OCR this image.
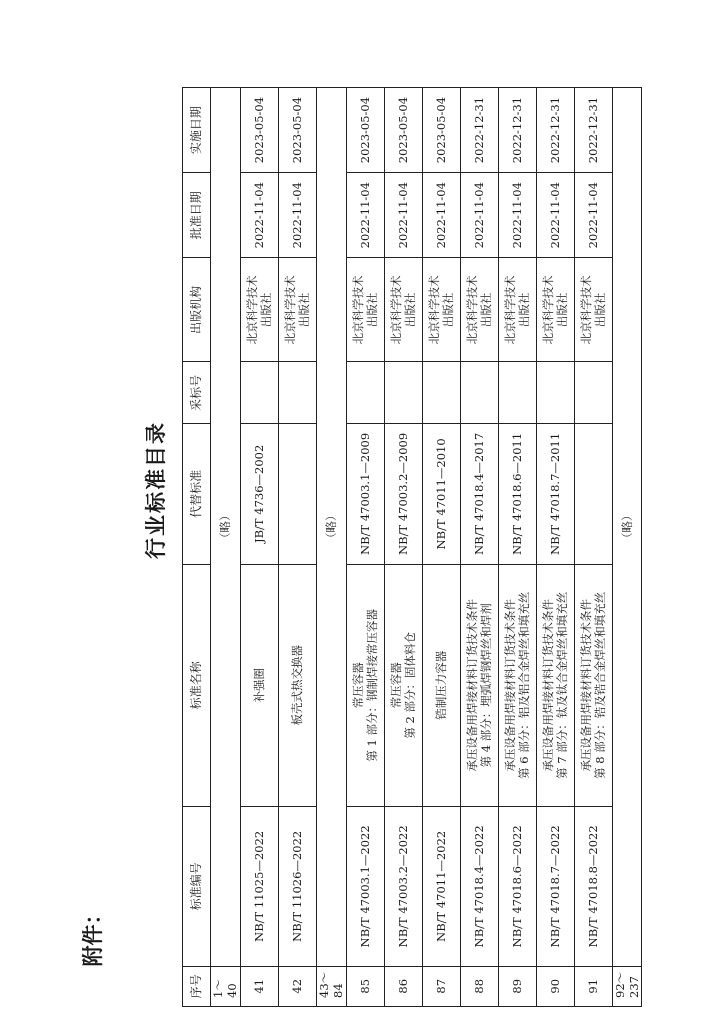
附件：
行业标准目录
序号	标准编号	标准名称	代替标准	采标号	出版机构	批准日期	实施日期
1～40	（略）						
41	NB/T 11025—2022	补强圈	JB/T 4736—2002		北京科学技术 出版社	2022-11-04	2023-05-04
42	NB/T 11026—2022	板壳式热交换器			北京科学技术 出版社	2022-11-04	2023-05-04
43～84	（略）						
85	NB/T 47003.1—2022	常压容器 第 1 部分：钢制焊接常压容器	NB/T 47003.1—2009		北京科学技术 出版社	2022-11-04	2023-05-04
86	NB/T 47003.2—2022	常压容器 第 2 部分：固体料仓	NB/T 47003.2—2009		北京科学技术 出版社	2022-11-04	2023-05-04
87	NB/T 47011—2022	锆制压力容器	NB/T 47011—2010		北京科学技术 出版社	2022-11-04	2023-05-04
88	NB/T 47018.4—2022	承压设备用焊接材料订货技术条件 第 4 部分：埋弧焊钢焊丝和焊剂	NB/T 47018.4—2017		北京科学技术 出版社	2022-11-04	2022-12-31
89	NB/T 47018.6—2022	承压设备用焊接材料订货技术条件 第 6 部分：铝及铝合金焊丝和填充丝	NB/T 47018.6—2011		北京科学技术 出版社	2022-11-04	2022-12-31
90	NB/T 47018.7—2022	承压设备用焊接材料订货技术条件 第 7 部分：钛及钛合金焊丝和填充丝	NB/T 47018.7—2011		北京科学技术 出版社	2022-11-04	2022-12-31
91	NB/T 47018.8—2022	承压设备用焊接材料订货技术条件 第 8 部分：锆及锆合金焊丝和填充丝			北京科学技术 出版社	2022-11-04	2022-12-31
92～237	（略）						
